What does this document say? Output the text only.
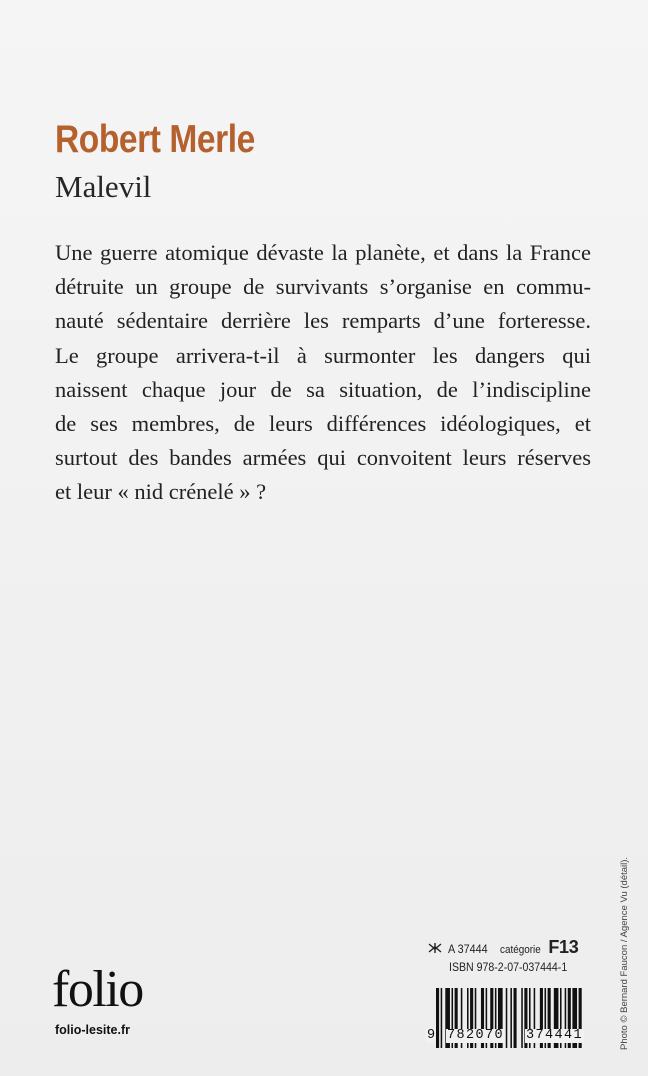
Robert Merle
Malevil
Une guerre atomique dévaste la planète, et dans la France
détruite un groupe de survivants s’organise en commu-
nauté sédentaire derrière les remparts d’une forteresse.
Le groupe arrivera-t-il à surmonter les dangers qui
naissent chaque jour de sa situation, de l’indiscipline
de ses membres, de leurs différences idéologiques, et
surtout des bandes armées qui convoitent leurs réserves
et leur « nid crénelé » ?
Photo © Bernard Faucon / Agence Vu (détail).
A 37444 catégorie F13
ISBN 978-2-07-037444-1
folio
folio-lesite.fr	9 782070 374441
